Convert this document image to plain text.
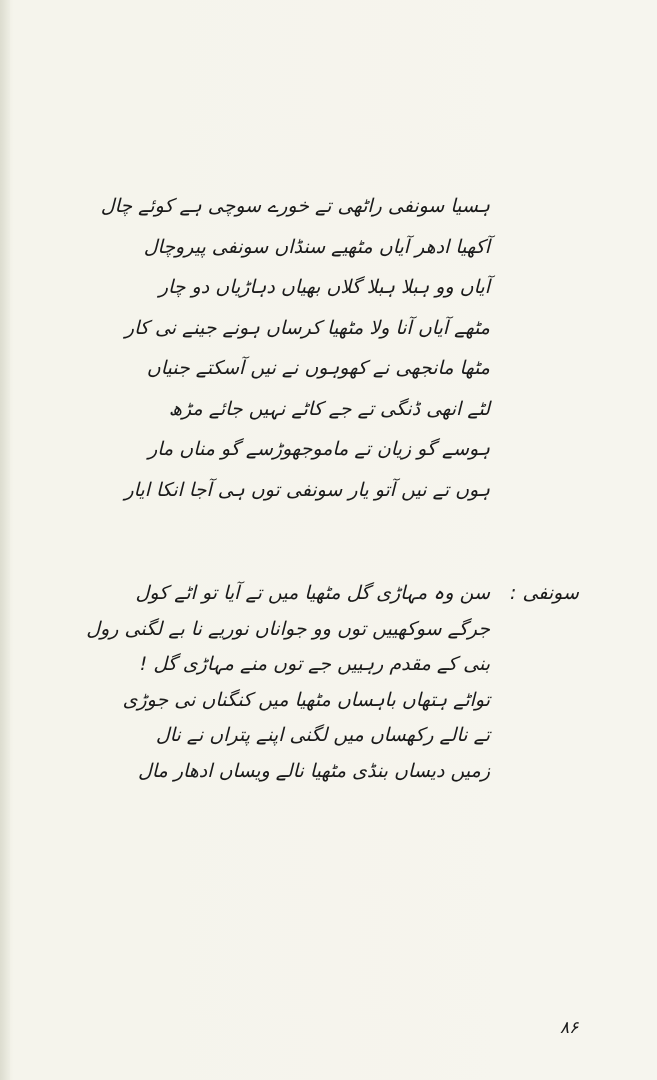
ہسیا سونفی راٹھی تے خورے سوچی ہے کوئے چال
آکھیا ادھر آیاں مٹھیے سنڈاں سونفی پیروچال
آیاں وو ہبلا ہبلا گلاں بھیاں دہاڑیاں دو چار
مٹھے آیاں آنا ولا مٹھیا کرساں ہونے جینے نی کار
مٹھا مانجھی نے کھوہوں نے نیں آسکتے جنیاں
لٹے انھی ڈنگی تے جے کاٹے نہیں جائے مڑھ
ہوسے گو زیان تے ماموجھوڑسے گو مناں مار
ہوں تے نیں آتو یار سونفی توں ہی آجا انکا ایار
سونفی :
سن وہ مہاڑی گل مٹھیا میں تے آیا تو اٹے کول
جرگے سوکھییں توں وو جواناں نوریے نا بے لگنی رول
بنی کے مقدم رہییں جے توں منے مہاڑی گل !
تواٹے ہتھاں باہساں مٹھیا میں کنگناں نی جوڑی
تے نالے رکھساں میں لگنی اپنے پتراں نے نال
زمیں دیساں بنڈی مٹھیا نالے ویساں ادھار مال
۸۶
